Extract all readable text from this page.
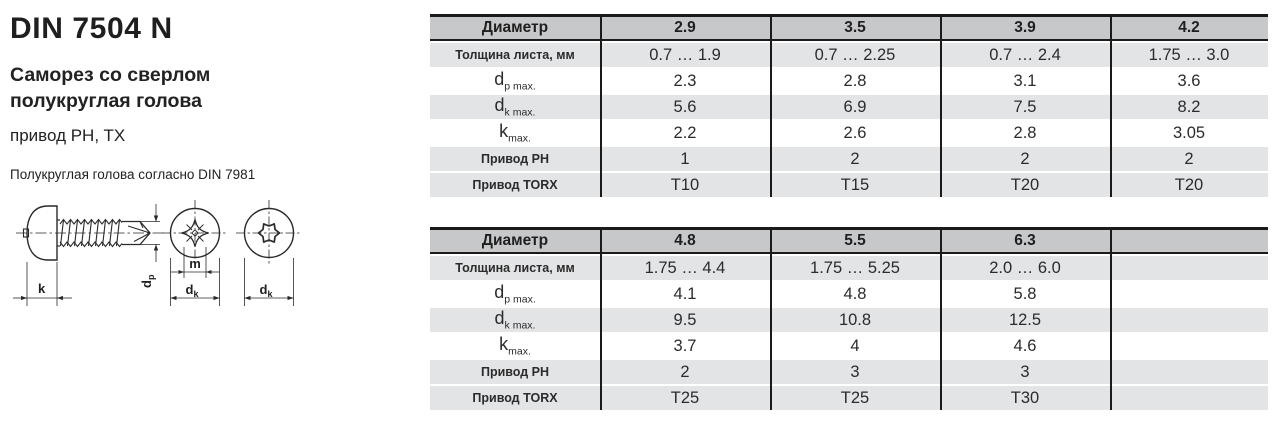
DIN 7504 N

Саморез со сверлом
полукруглая голова

привод PH, TX

Полукруглая голова согласно DIN 7981

$d_p$
k
m
$d_k$	$d_k$
Диаметр	2.9	3.5	3.9	4.2
Толщина листа, мм	0.7 … 1.9	0.7 … 2.25	0.7 … 2.4	1.75 … 3.0
$d_{p max.}$	2.3	2.8	3.1	3.6
$d_{k max.}$	5.6	6.9	7.5	8.2
$k_{max.}$	2.2	2.6	2.8	3.05
Привод PH	1	2	2	2
Привод TORX	T10	T15	T20	T20
Диаметр	4.8	5.5	6.3	
Толщина листа, мм	1.75 … 4.4	1.75 … 5.25	2.0 … 6.0	
$d_{p max.}$	4.1	4.8	5.8	
$d_{k max.}$	9.5	10.8	12.5	
$k_{max.}$	3.7	4	4.6	
Привод PH	2	3	3	
Привод TORX	T25	T25	T30	
